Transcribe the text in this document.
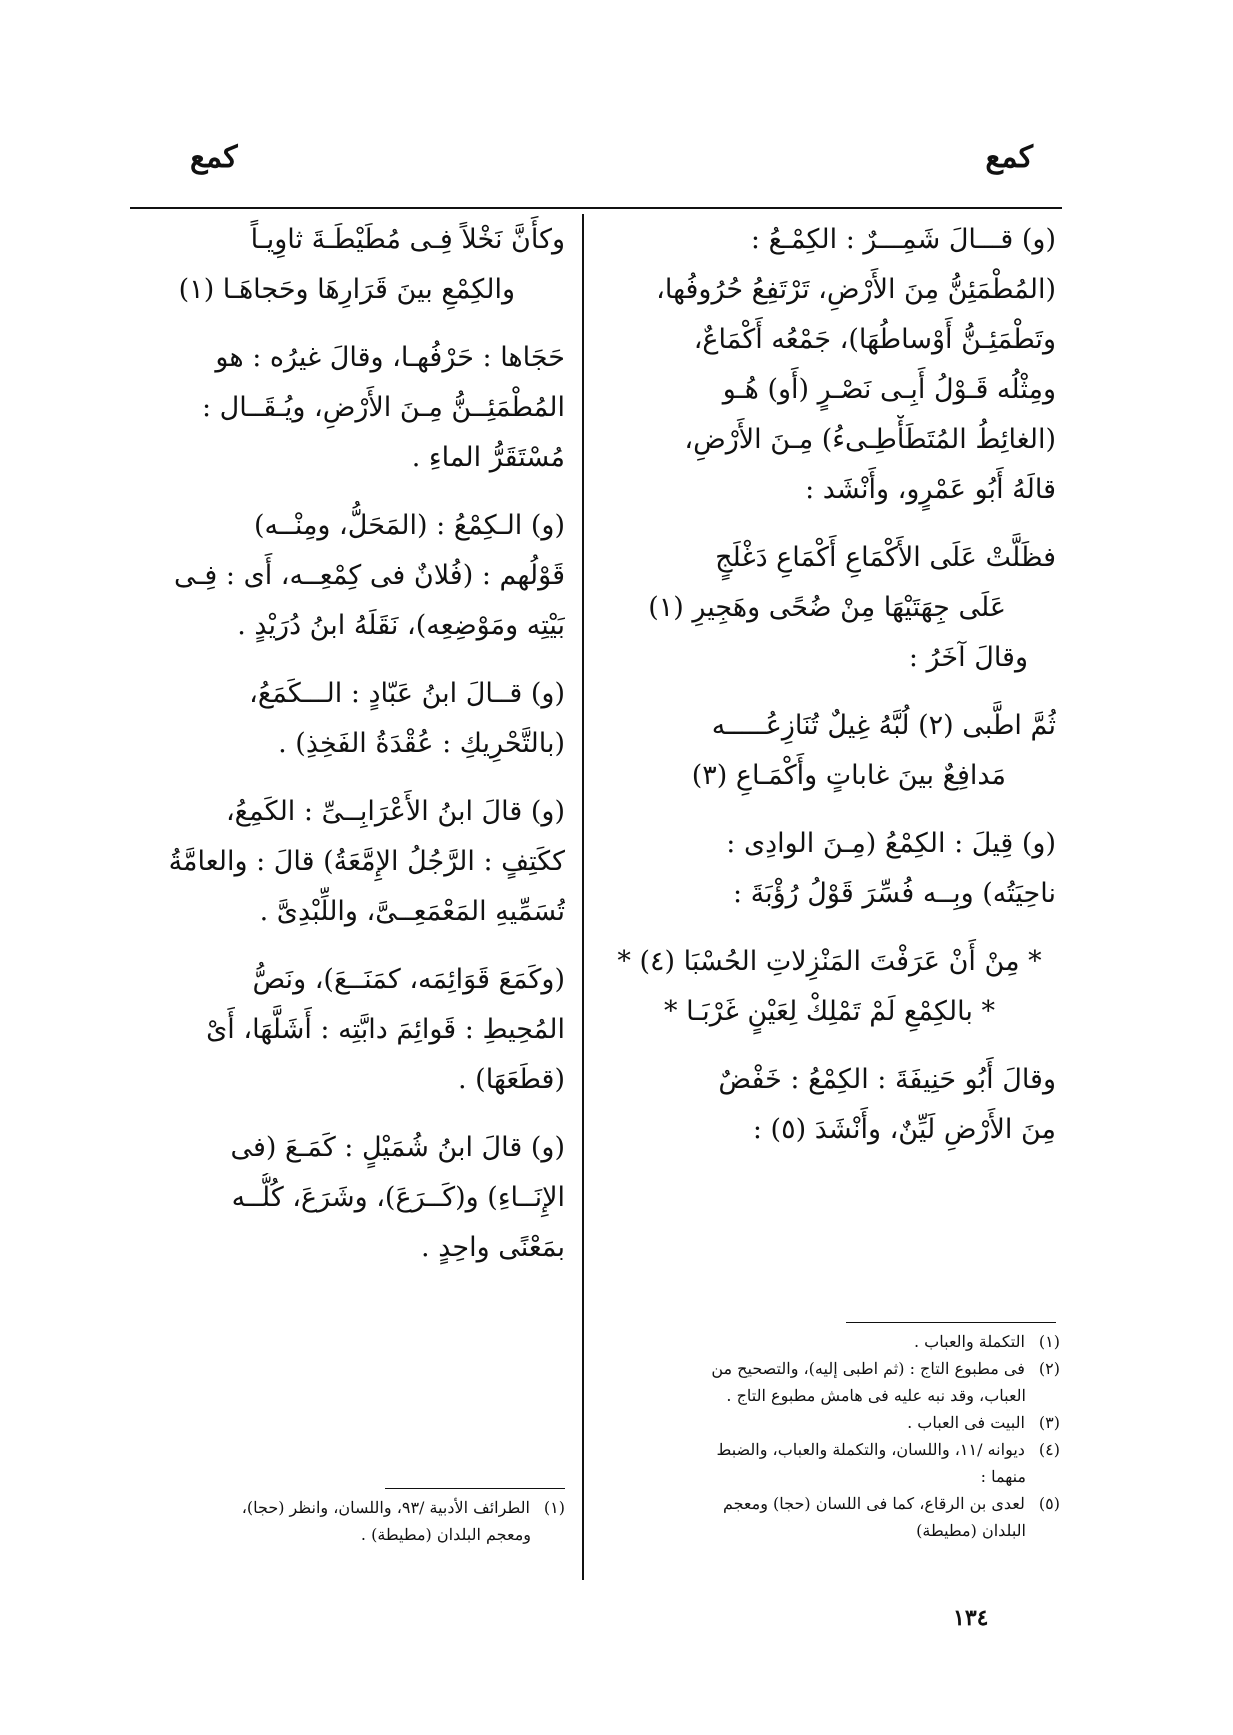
كمع
كمع

(و) قـــالَ شَمِـــرٌ : الكِمْـعُ :
(المُطْمَئِنُّ مِنَ الأَرْضِ، تَرْتَفِعُ حُرُوفُها،
وتَطْمَئِـنُّ أَوْساطُهَا)، جَمْعُه أَكْمَاعٌ،
ومِثْلُه قَـوْلُ أَبِـى نَصْـرٍ (أَو) هُـو
(الغائِطُ المُتَطَأْطِـىءُ) مِـنَ الأَرْضِ،
قالَهُ أَبُو عَمْرٍو، وأَنْشَد :

فظَلَّتْ عَلَى الأَكْمَاعِ أَكْمَاعِ دَغْلَجٍ
عَلَى جِهَتَيْهَا مِنْ ضُحًى وهَجِيرِ (١)
وقالَ آخَرُ :

ثُمَّ اطَّبى (٢) لُبَّهُ غِيلٌ تُنَازِعُـــــه
مَدافِعٌ بينَ غاباتٍ وأَكْمَـاعِ (٣)

(و) قِيلَ : الكِمْعُ (مِـنَ الوادِى :
ناحِيَتُه) وبِــه فُسِّرَ قَوْلُ رُؤْبَةَ :

* مِنْ أَنْ عَرَفْتَ المَنْزِلاتِ الحُسْبَا (٤) *
* بالكِمْعِ لَمْ تَمْلِكْ لِعَيْنٍ غَرْبَـا *

وقالَ أَبُو حَنِيفَةَ : الكِمْعُ : خَفْضٌ
مِنَ الأَرْضِ لَيِّنٌ، وأَنْشَدَ (٥) :

وكأَنَّ نَخْلاً فِـى مُطَيْطَـةَ ثاوِيـاً
والكِمْعِ بينَ قَرَارِهَا وحَجاهَـا (١)

حَجَاها : حَرْفُهـا، وقالَ غيرُه : هو
المُطْمَئِــنُّ مِـنَ الأَرْضِ، ويُـقَــال :
مُسْتَقَرُّ الماءِ .

(و) الـكِمْعُ : (المَحَلُّ، ومِنْــه)
قَوْلُهم : (فُلانٌ فى كِمْعِــه، أَى : فِـى
بَيْتِه ومَوْضِعِه)، نَقَلَهُ ابنُ دُرَيْدٍ .

(و) قــالَ ابنُ عَبّادٍ : الـــكَمَعُ،
(بالتَّحْرِيكِ : عُقْدَةُ الفَخِذِ) .

(و) قالَ ابنُ الأَعْرَابِــىِّ : الكَمِعُ،
ككَتِفٍ : الرَّجُلُ الإِمَّعَةُ) قالَ : والعامَّةُ
تُسَمِّيهِ المَعْمَعِــىَّ، واللِّبْدِىَّ .

(وكَمَعَ قَوَائِمَه، كمَنَــعَ)، ونَصُّ
المُحِيطِ : قَوائِمَ دابَّتِه : أَشَلَّهَا، أَىْ
(قطَعَهَا) .

(و) قالَ ابنُ شُمَيْلٍ : كَمَـعَ (فى
الإِنَــاءِ) و(كَــرَعَ)، وشَرَعَ، كُلُّــه
بمَعْنًى واحِدٍ .

(١) التكملة والعباب .
(٢) فى مطبوع التاج : (ثم اطبى إليه)، والتصحيح من
العباب، وقد نبه عليه فى هامش مطبوع التاج .
(٣) البيت فى العباب .
(٤) ديوانه /١١، واللسان، والتكملة والعباب، والضبط
منهما :
(٥) لعدى بن الرقاع، كما فى اللسان (حجا) ومعجم
البلدان (مطيطة)
(١) الطرائف الأدبية /٩٣، واللسان، وانظر (حجا)،
ومعجم البلدان (مطيطة) .
١٣٤
